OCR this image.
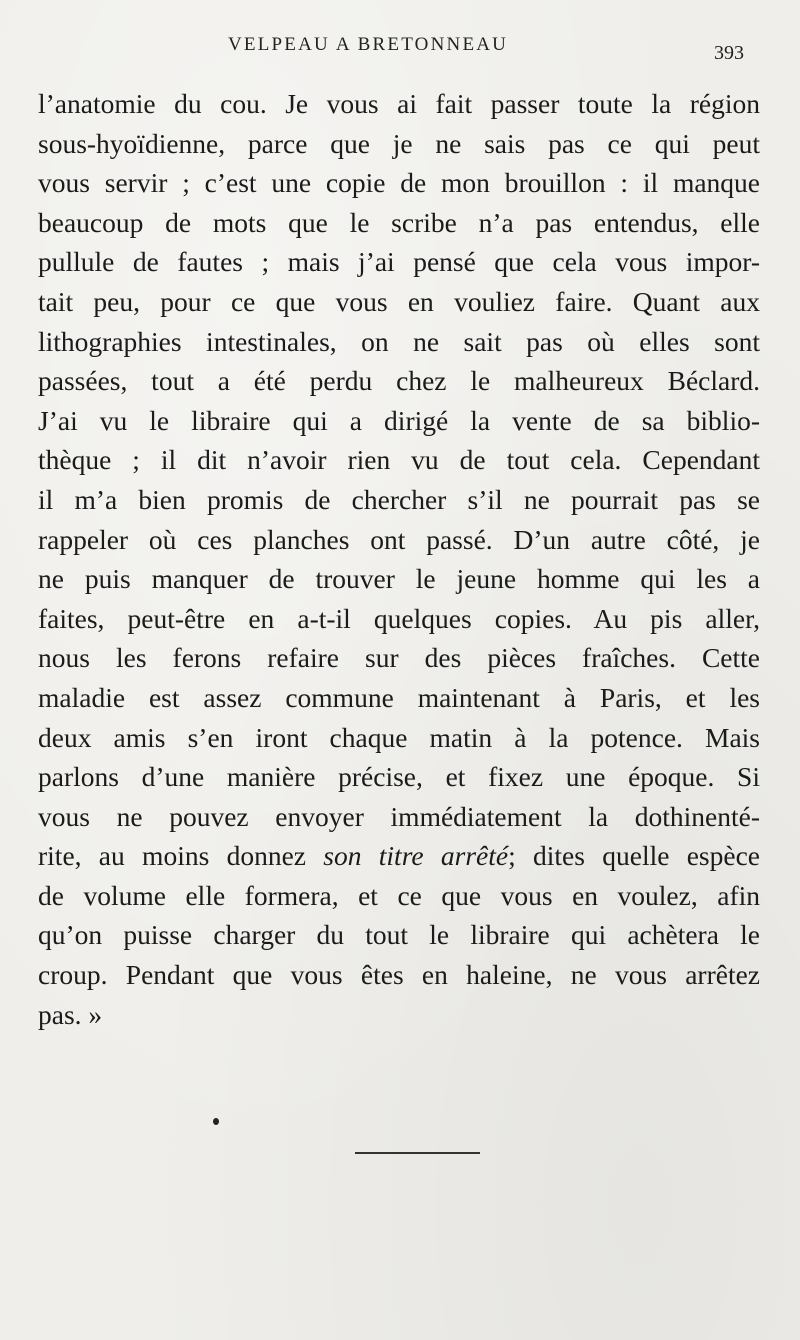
VELPEAU A BRETONNEAU	393
l’anatomie du cou. Je vous ai fait passer toute la région
sous-hyoïdienne, parce que je ne sais pas ce qui peut
vous servir ; c’est une copie de mon brouillon : il manque
beaucoup de mots que le scribe n’a pas entendus, elle
pullule de fautes ; mais j’ai pensé que cela vous impor-
tait peu, pour ce que vous en vouliez faire. Quant aux
lithographies intestinales, on ne sait pas où elles sont
passées, tout a été perdu chez le malheureux Béclard.
J’ai vu le libraire qui a dirigé la vente de sa biblio-
thèque ; il dit n’avoir rien vu de tout cela. Cependant
il m’a bien promis de chercher s’il ne pourrait pas se
rappeler où ces planches ont passé. D’un autre côté, je
ne puis manquer de trouver le jeune homme qui les a
faites, peut-être en a-t-il quelques copies. Au pis aller,
nous les ferons refaire sur des pièces fraîches. Cette
maladie est assez commune maintenant à Paris, et les
deux amis s’en iront chaque matin à la potence. Mais
parlons d’une manière précise, et fixez une époque. Si
vous ne pouvez envoyer immédiatement la dothinenté-
rite, au moins donnez son titre arrêté; dites quelle espèce
de volume elle formera, et ce que vous en voulez, afin
qu’on puisse charger du tout le libraire qui achètera le
croup. Pendant que vous êtes en haleine, ne vous arrêtez
pas. »
